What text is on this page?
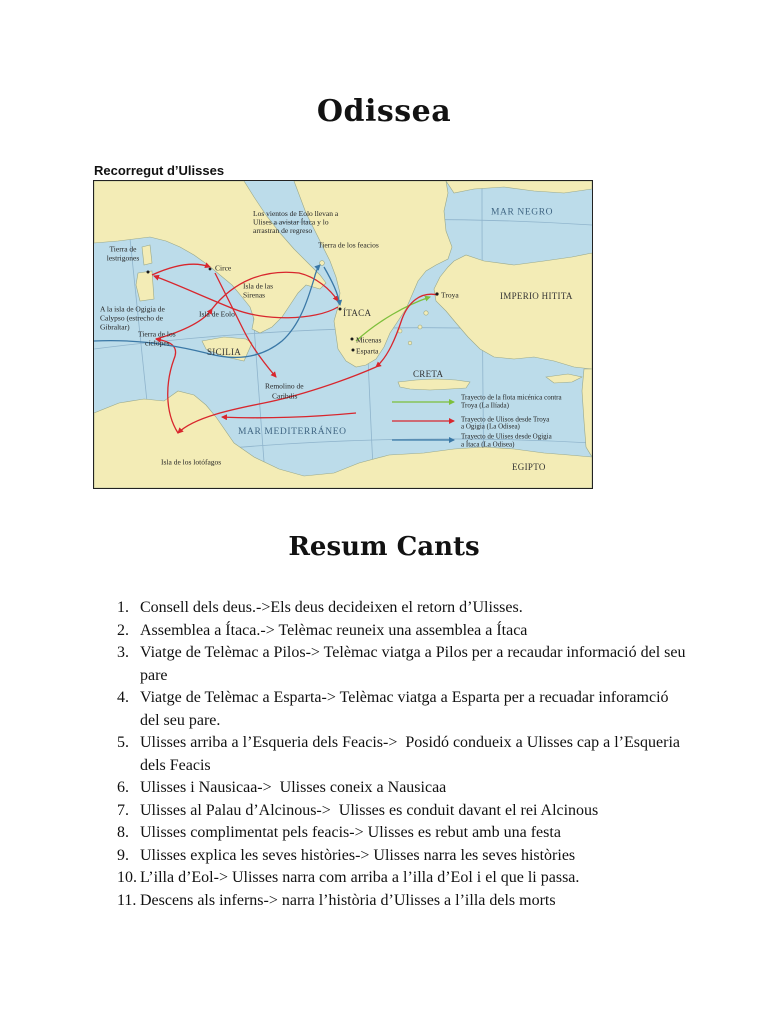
Odissea

Recorregut d’Ulisses

Los vientos de Eolo llevan a
Ulises a avistar Ítaca y lo
arrastran de regreso
Tierra de los feacios
MAR NEGRO
Tierra de
lestrigones
Circe
Isla de las
Sirenas	Troya	IMPERIO HITITA
A la isla de Ogigia de
Calypso (estrecho de
Gibraltar)
Isla de Eolo	ÍTACA
Tierra de los
cíclopes
SICILIA
Micenas
Esparta
CRETA
Remolino de
Caribdis
MAR MEDITERRÁNEO
Isla de los lotófagos	EGIPTO
Trayecto de la flota micénica contra
Troya (La Ilíada)
Trayecto de Ulisos desde Troya
a Ogigia (La Odisea)
Trayecto de Ulises desde Ogigia
a Ítaca (La Odisea)
Resum Cants
1. Consell dels deus.->Els deus decideixen el retorn d’Ulisses.
2. Assemblea a Ítaca.-> Telèmac reuneix una assemblea a Ítaca
3. Viatge de Telèmac a Pilos-> Telèmac viatga a Pilos per a recaudar informació del seu pare
4. Viatge de Telèmac a Esparta-> Telèmac viatga a Esparta per a recuadar inforamció del seu pare.
5. Ulisses arriba a l’Esqueria dels Feacis->  Posidó condueix a Ulisses cap a l’Esqueria dels Feacis
6. Ulisses i Nausicaa->  Ulisses coneix a Nausicaa
7. Ulisses al Palau d’Alcinous->  Ulisses es conduit davant el rei Alcinous
8. Ulisses complimentat pels feacis-> Ulisses es rebut amb una festa
9. Ulisses explica les seves històries-> Ulisses narra les seves històries
10. L’illa d’Eol-> Ulisses narra com arriba a l’illa d’Eol i el que li passa.
11. Descens als inferns-> narra l’història d’Ulisses a l’illa dels morts
